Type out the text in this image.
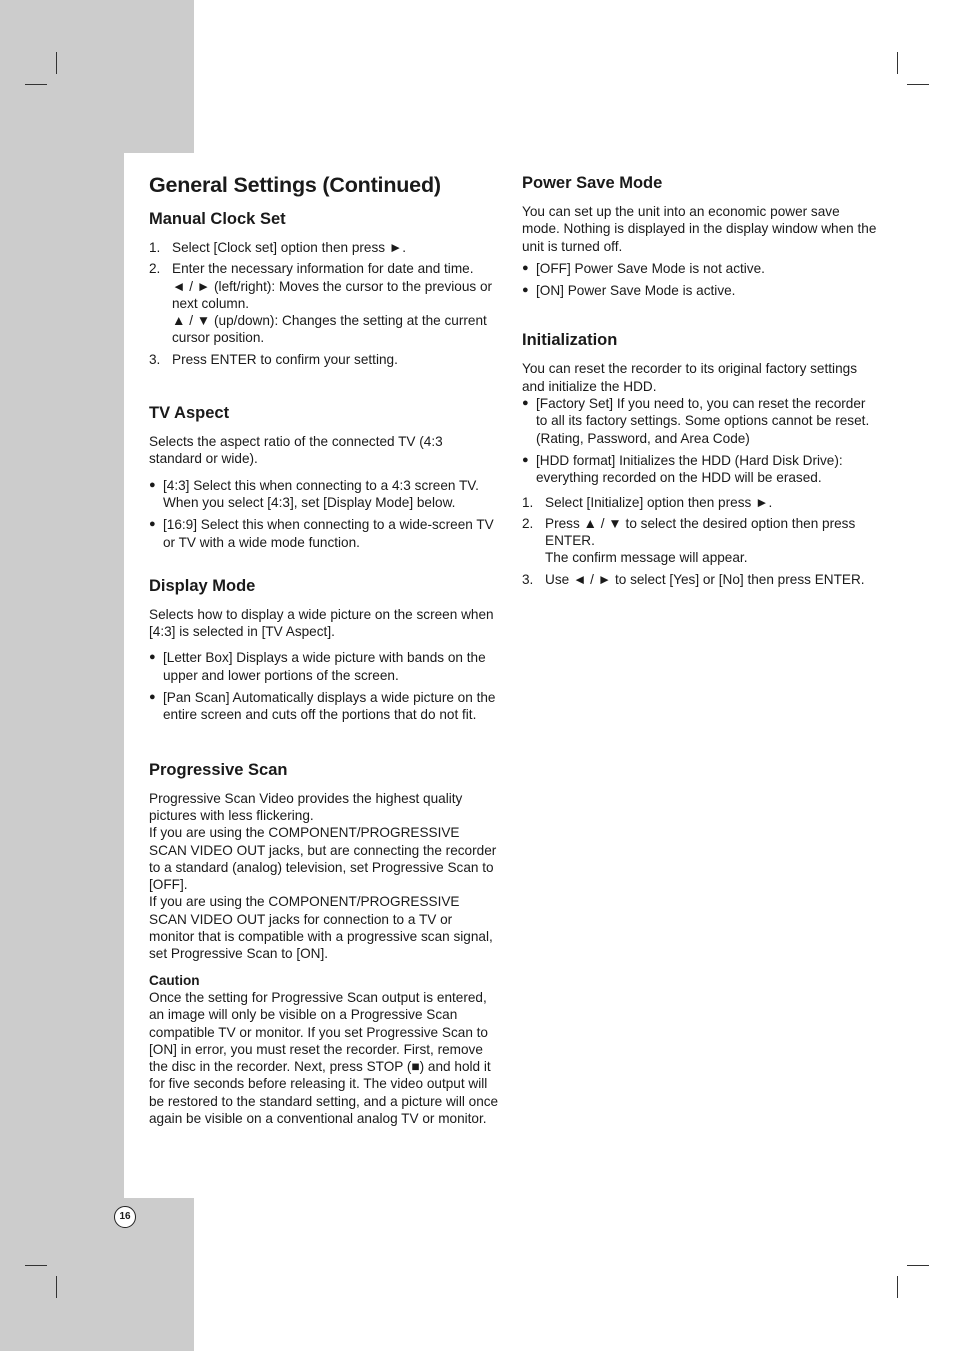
16
General Settings (Continued)
Manual Clock Set
1. Select [Clock set] option then press ►.
2. Enter the necessary information for date and time.
◄ / ► (left/right): Moves the cursor to the previous or next column.
▲ / ▼ (up/down): Changes the setting at the current cursor position.
3. Press ENTER to confirm your setting.
TV Aspect

Selects the aspect ratio of the connected TV (4:3 standard or wide).

● [4:3] Select this when connecting to a 4:3 screen TV. When you select [4:3], set [Display Mode] below.
● [16:9] Select this when connecting to a wide-screen TV or TV with a wide mode function.
Display Mode

Selects how to display a wide picture on the screen when [4:3] is selected in [TV Aspect].

● [Letter Box] Displays a wide picture with bands on the upper and lower portions of the screen.
● [Pan Scan] Automatically displays a wide picture on the entire screen and cuts off the portions that do not fit.
Progressive Scan

Progressive Scan Video provides the highest quality pictures with less flickering.

If you are using the COMPONENT/PROGRESSIVE SCAN VIDEO OUT jacks, but are connecting the recorder to a standard (analog) television, set Progressive Scan to [OFF].

If you are using the COMPONENT/PROGRESSIVE SCAN VIDEO OUT jacks for connection to a TV or monitor that is compatible with a progressive scan signal, set Progressive Scan to [ON].

Caution

Once the setting for Progressive Scan output is entered, an image will only be visible on a Progressive Scan compatible TV or monitor. If you set Progressive Scan to [ON] in error, you must reset the recorder. First, remove the disc in the recorder. Next, press STOP (■) and hold it for five seconds before releasing it. The video output will be restored to the standard setting, and a picture will once again be visible on a conventional analog TV or monitor.

Power Save Mode

You can set up the unit into an economic power save mode. Nothing is displayed in the display window when the unit is turned off.

● [OFF] Power Save Mode is not active.
● [ON] Power Save Mode is active.
Initialization

You can reset the recorder to its original factory settings and initialize the HDD.

● [Factory Set] If you need to, you can reset the recorder to all its factory settings. Some options cannot be reset. (Rating, Password, and Area Code)
● [HDD format] Initializes the HDD (Hard Disk Drive): everything recorded on the HDD will be erased.
1. Select [Initialize] option then press ►.
2. Press ▲ / ▼ to select the desired option then press ENTER.
The confirm message will appear.
3. Use ◄ / ► to select [Yes] or [No] then press ENTER.
